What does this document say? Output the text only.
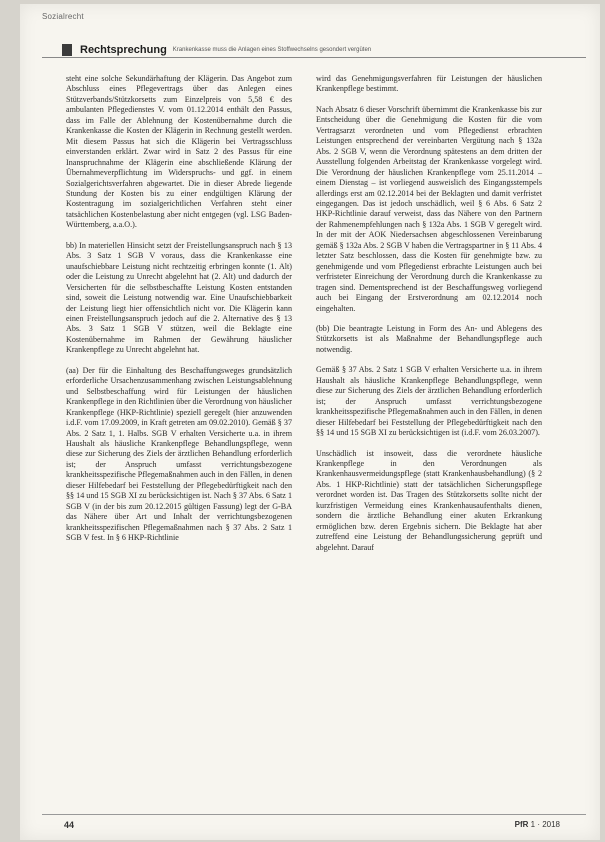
Sozialrecht
Rechtsprechung Krankenkasse muss die Anlagen eines Stoffwechselns gesondert vergüten

steht eine solche Sekundärhaftung der Klägerin. Das Angebot zum Abschluss eines Pflegevertrags über das Anlegen eines Stützverbands/Stützkorsetts zum Einzelpreis von 5,58 € des ambulanten Pflegedienstes V. vom 01.12.2014 enthält den Passus, dass im Falle der Ablehnung der Kostenübernahme durch die Krankenkasse die Kosten der Klägerin in Rechnung gestellt werden. Mit diesem Passus hat sich die Klägerin bei Vertragsschluss einverstanden erklärt. Zwar wird in Satz 2 des Passus für eine Inanspruchnahme der Klägerin eine abschließende Klärung der Übernahmeverpflichtung im Widerspruchs- und ggf. in einem Sozialgerichtsverfahren abgewartet. Die in dieser Abrede liegende Stundung der Kosten bis zu einer endgültigen Klärung der Kostentragung im sozialgerichtlichen Verfahren steht einer tatsächlichen Kostenbelastung aber nicht entgegen (vgl. LSG Baden-Württemberg, a.a.O.).

bb) In materiellen Hinsicht setzt der Freistellungsanspruch nach § 13 Abs. 3 Satz 1 SGB V voraus, dass die Krankenkasse eine unaufschiebbare Leistung nicht rechtzeitig erbringen konnte (1. Alt) oder die Leistung zu Unrecht abgelehnt hat (2. Alt) und dadurch der Versicherten für die selbstbeschaffte Leistung Kosten entstanden sind, soweit die Leistung notwendig war. Eine Unaufschiebbarkeit der Leistung liegt hier offensichtlich nicht vor. Die Klägerin kann einen Freistellungsanspruch jedoch auf die 2. Alternative des § 13 Abs. 3 Satz 1 SGB V stützen, weil die Beklagte eine Kostenübernahme im Rahmen der Gewährung häuslicher Krankenpflege zu Unrecht abgelehnt hat.

(aa) Der für die Einhaltung des Beschaffungsweges grundsätzlich erforderliche Ursachenzusammenhang zwischen Leistungsablehnung und Selbstbeschaffung wird für Leistungen der häuslichen Krankenpflege in den Richtlinien über die Verordnung von häuslicher Krankenpflege (HKP-Richtlinie) speziell geregelt (hier anzuwenden i.d.F. vom 17.09.2009, in Kraft getreten am 09.02.2010). Gemäß § 37 Abs. 2 Satz 1, 1. Halbs. SGB V erhalten Versicherte u.a. in ihrem Haushalt als häusliche Krankenpflege Behandlungspflege, wenn diese zur Sicherung des Ziels der ärztlichen Behandlung erforderlich ist; der Anspruch umfasst verrichtungsbezogene krankheitsspezifische Pflegemaßnahmen auch in den Fällen, in denen dieser Hilfebedarf bei Feststellung der Pflegebedürftigkeit nach den §§ 14 und 15 SGB XI zu berücksichtigen ist. Nach § 37 Abs. 6 Satz 1 SGB V (in der bis zum 20.12.2015 gültigen Fassung) legt der G-BA das Nähere über Art und Inhalt der verrichtungsbezogenen krankheitsspezifischen Pflegemaßnahmen nach § 37 Abs. 2 Satz 1 SGB V fest. In § 6 HKP-Richtlinie

wird das Genehmigungsverfahren für Leistungen der häuslichen Krankenpflege bestimmt.

Nach Absatz 6 dieser Vorschrift übernimmt die Krankenkasse bis zur Entscheidung über die Genehmigung die Kosten für die vom Vertragsarzt verordneten und vom Pflegedienst erbrachten Leistungen entsprechend der vereinbarten Vergütung nach § 132a Abs. 2 SGB V, wenn die Verordnung spätestens an dem dritten der Ausstellung folgenden Arbeitstag der Krankenkasse vorgelegt wird. Die Verordnung der häuslichen Krankenpflege vom 25.11.2014 – einem Dienstag – ist vorliegend ausweislich des Eingangsstempels allerdings erst am 02.12.2014 bei der Beklagten und damit verfristet eingegangen. Das ist jedoch unschädlich, weil § 6 Abs. 6 Satz 2 HKP-Richtlinie darauf verweist, dass das Nähere von den Partnern der Rahmenempfehlungen nach § 132a Abs. 1 SGB V geregelt wird. In der mit der AOK Niedersachsen abgeschlossenen Vereinbarung gemäß § 132a Abs. 2 SGB V haben die Vertragspartner in § 11 Abs. 4 letzter Satz beschlossen, dass die Kosten für genehmigte bzw. zu genehmigende und vom Pflegedienst erbrachte Leistungen auch bei verfristeter Einreichung der Verordnung durch die Krankenkasse zu tragen sind. Dementsprechend ist der Beschaffungsweg vorliegend auch bei Eingang der Erstverordnung am 02.12.2014 noch eingehalten.

(bb) Die beantragte Leistung in Form des An- und Ablegens des Stützkorsetts ist als Maßnahme der Behandlungspflege auch notwendig.

Gemäß § 37 Abs. 2 Satz 1 SGB V erhalten Versicherte u.a. in ihrem Haushalt als häusliche Krankenpflege Behandlungspflege, wenn diese zur Sicherung des Ziels der ärztlichen Behandlung erforderlich ist; der Anspruch umfasst verrichtungsbezogene krankheitsspezifische Pflegemaßnahmen auch in den Fällen, in denen dieser Hilfebedarf bei Feststellung der Pflegebedürftigkeit nach den §§ 14 und 15 SGB XI zu berücksichtigen ist (i.d.F. vom 26.03.2007).

Unschädlich ist insoweit, dass die verordnete häusliche Krankenpflege in den Verordnungen als Krankenhausvermeidungspflege (statt Krankenhausbehandlung) (§ 2 Abs. 1 HKP-Richtlinie) statt der tatsächlichen Sicherungspflege verordnet worden ist. Das Tragen des Stützkorsetts sollte nicht der kurzfristigen Vermeidung eines Krankenhausaufenthalts dienen, sondern die ärztliche Behandlung einer akuten Erkrankung ermöglichen bzw. deren Ergebnis sichern. Die Beklagte hat aber zutreffend eine Leistung der Behandlungssicherung geprüft und abgelehnt. Darauf

44	PfR 1 · 2018
